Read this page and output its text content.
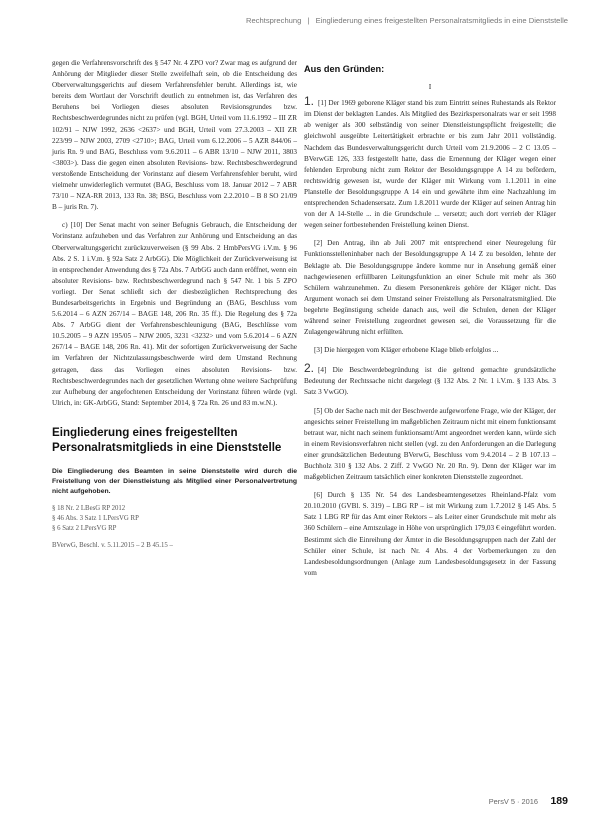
Rechtsprechung | Eingliederung eines freigestellten Personalratsmitglieds in eine Dienststelle

gegen die Verfahrensvorschrift des § 547 Nr. 4 ZPO vor? Zwar mag es aufgrund der Anhörung der Mitglieder dieser Stelle zweifelhaft sein, ob die Entscheidung des Oberverwaltungsgerichts auf diesem Verfahrensfehler beruht. Allerdings ist, wie bereits dem Wortlaut der Vorschrift deutlich zu entnehmen ist, das Verfahren des Beruhens bei Vorliegen dieses absoluten Revisionsgrundes bzw. Rechtsbeschwerdegrundes nicht zu prüfen (vgl. BGH, Urteil vom 11.6.1992 – III ZR 102/91 – NJW 1992, 2636 <2637> und BGH, Urteil vom 27.3.2003 – XII ZR 223/99 – NJW 2003, 2709 <2710>; BAG, Urteil vom 6.12.2006 – 5 AZR 844/06 – juris Rn. 9 und BAG, Beschluss vom 9.6.2011 – 6 ABR 13/10 – NJW 2011, 3803 <3803>). Dass die gegen einen absoluten Revisions- bzw. Rechtsbeschwerdegrund verstoßende Entscheidung der Vorinstanz auf diesem Verfahrensfehler beruht, wird vielmehr unwiderleglich vermutet (BAG, Beschluss vom 18. Januar 2012 – 7 ABR 73/10 – NZA-RR 2013, 133 Rn. 38; BSG, Beschluss vom 2.2.2010 – B 8 SO 21/09 B – juris Rn. 7).

c) [10] Der Senat macht von seiner Befugnis Gebrauch, die Entscheidung der Vorinstanz aufzuheben und das Verfahren zur Anhörung und Entscheidung an das Oberverwaltungsgericht zurückzuverweisen (§ 99 Abs. 2 HmbPersVG i.V.m. § 96 Abs. 2 S. 1 i.V.m. § 92a Satz 2 ArbGG). Die Möglichkeit der Zurückverweisung ist in entsprechender Anwendung des § 72a Abs. 7 ArbGG auch dann eröffnet, wenn ein absoluter Revisions- bzw. Rechtsbeschwerdegrund nach § 547 Nr. 1 bis 5 ZPO vorliegt. Der Senat schließt sich der diesbezüglichen Rechtsprechung des Bundesarbeitsgerichts in Ergebnis und Begründung an (BAG, Beschluss vom 5.6.2014 – 6 AZN 267/14 – BAGE 148, 206 Rn. 35 ff.). Die Regelung des § 72a Abs. 7 ArbGG dient der Verfahrensbeschleunigung (BAG, Beschlüsse vom 10.5.2005 – 9 AZN 195/05 – NJW 2005, 3231 <3232> und vom 5.6.2014 – 6 AZN 267/14 – BAGE 148, 206 Rn. 41). Mit der sofortigen Zurückverweisung der Sache im Verfahren der Nichtzulassungsbeschwerde wird dem Umstand Rechnung getragen, dass das Vorliegen eines absoluten Revisions- bzw. Rechtsbeschwerdegrundes nach der gesetzlichen Wertung ohne weitere Sachprüfung zur Aufhebung der angefochtenen Entscheidung der Vorinstanz führen würde (vgl. Ulrich, in: GK-ArbGG, Stand: September 2014, § 72a Rn. 26 und 83 m.w.N.).

Eingliederung eines freigestellten Personalratsmitglieds in eine Dienststelle

Die Eingliederung des Beamten in seine Dienststelle wird durch die Freistellung von der Dienstleistung als Mitglied einer Personalvertretung nicht aufgehoben.

§ 18 Nr. 2 LBesG RP 2012
§ 46 Abs. 3 Satz 1 LPersVG RP
§ 6 Satz 2 LPersVG RP
BVerwG, Beschl. v. 5.11.2015 – 2 B 45.15 –
Aus den Gründen:
I

1. [1] Der 1969 geborene Kläger stand bis zum Eintritt seines Ruhestands als Rektor im Dienst der beklagten Landes. Als Mitglied des Bezirkspersonalrats war er seit 1998 ab weniger als 300 selbständig von seiner Dienstleistungspflicht freigestellt; die gleichwohl ausgeübte Leitertätigkeit erbrachte er bis zum Jahr 2011 vollständig. Nachdem das Bundesverwaltungsgericht durch Urteil vom 21.9.2006 – 2 C 13.05 – BVerwGE 126, 333 festgestellt hatte, dass die Ernennung der Kläger wegen einer fehlenden Erprobung nicht zum Rektor der Besoldungsgruppe A 14 zu befördern, rechtswidrig gewesen ist, wurde der Kläger mit Wirkung vom 1.1.2011 in eine Planstelle der Besoldungsgruppe A 14 ein und gewährte ihm eine Nachzahlung im entsprechenden Schadensersatz. Zum 1.8.2011 wurde der Kläger auf seinen Antrag hin von der A 14-Stelle ... in die Grundschule ... versetzt; auch dort verrieb der Kläger wegen seiner fortbestehenden Freistellung keinen Dienst.

[2] Den Antrag, ihn ab Juli 2007 mit entsprechend einer Neuregelung für Funktionsstelleninhaber nach der Besoldungsgruppe A 14 Z zu besolden, lehnte der Beklagte ab. Die Besoldungsgruppe ändere komme nur in Ansehung gemäß einer nachgewiesenen erfüllbaren Leitungsfunktion an einer Schule mit mehr als 360 Schülern wahrzunehmen. Zu diesem Personenkreis gehöre der Kläger nicht. Das Argument wonach sei dem Umstand seiner Freistellung als Personalratsmitglied. Die begehrte Begünstigung scheide danach aus, weil die Schulen, denen der Kläger während seiner Freistellung zugeordnet gewesen sei, die Voraussetzung für die Zulagengewährung nicht erfüllten.

[3] Die hiergegen vom Kläger erhobene Klage blieb erfolglos ...

2. [4] Die Beschwerdebegründung ist die geltend gemachte grundsätzliche Bedeutung der Rechtssache nicht dargelegt (§ 132 Abs. 2 Nr. 1 i.V.m. § 133 Abs. 3 Satz 3 VwGO).

[5] Ob der Sache nach mit der Beschwerde aufgeworfene Frage, wie der Kläger, der angesichts seiner Freistellung im maßgeblichen Zeitraum nicht mit einem funktionsamt betraut war, nicht nach seinem funktionsamt/Amt angeordnet werden kann, würde sich in einem Revisionsverfahren nicht stellen (vgl. zu den Anforderungen an die Darlegung einer grundsätzlichen Bedeutung BVerwG, Beschluss vom 9.4.2014 – 2 B 107.13 – Buchholz 310 § 132 Abs. 2 Ziff. 2 VwGO Nr. 20 Rn. 9). Denn der Kläger war im maßgeblichen Zeitraum tatsächlich einer konkreten Dienststelle zugeordnet.

[6] Durch § 135 Nr. 54 des Landesbeamtengesetzes Rheinland-Pfalz vom 20.10.2010 (GVBl. S. 319) – LBG RP – ist mit Wirkung zum 1.7.2012 § 145 Abs. 5 Satz 1 LBG RP für das Amt einer Rektors – als Leiter einer Grundschule mit mehr als 360 Schülern – eine Amtszulage in Höhe von ursprünglich 179,03 € eingeführt worden. Bestimmt sich die Einreihung der Ämter in die Besoldungsgruppen nach der Zahl der Schüler einer Schule, ist nach Nr. 4 Abs. 4 der Vorbemerkungen zu den Landesbesoldungsordnungen (Anlage zum Landesbesoldungsgesetz in der Fassung vom

PersV 5 · 2016 189
